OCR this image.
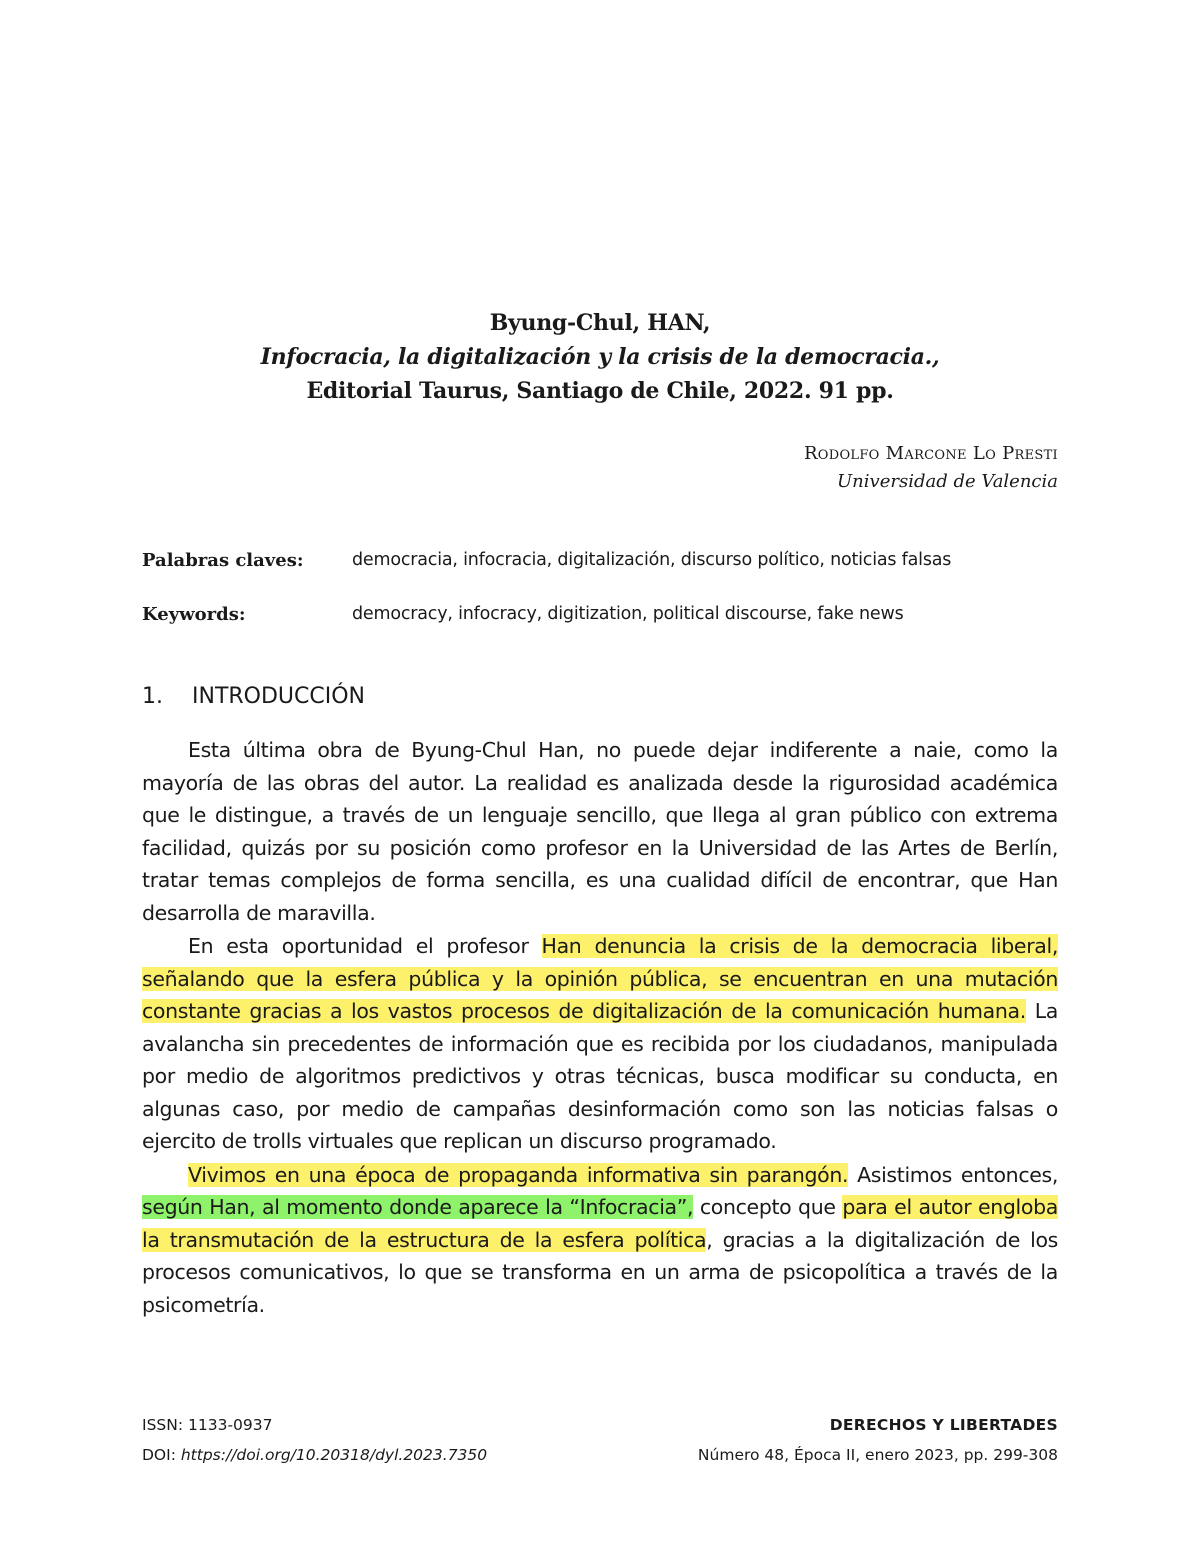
Byung-Chul, HAN,
Infocracia, la digitalización y la crisis de la democracia.,
Editorial Taurus, Santiago de Chile, 2022. 91 pp.
Rodolfo Marcone Lo Presti
Universidad de Valencia
Palabras claves:	democracia, infocracia, digitalización, discurso político, noticias falsas
Keywords:	democracy, infocracy, digitization, political discourse, fake news
1. INTRODUCCIÓN

Esta última obra de Byung-Chul Han, no puede dejar indiferente a naie, como la mayoría de las obras del autor. La realidad es analizada desde la rigurosidad académica que le distingue, a través de un lenguaje sencillo, que llega al gran público con extrema facilidad, quizás por su posición como profesor en la Universidad de las Artes de Berlín, tratar temas complejos de forma sencilla, es una cualidad difícil de encontrar, que Han desarrolla de maravilla.

En esta oportunidad el profesor Han denuncia la crisis de la democracia liberal, señalando que la esfera pública y la opinión pública, se encuentran en una mutación constante gracias a los vastos procesos de digitalización de la comunicación humana. La avalancha sin precedentes de información que es recibida por los ciudadanos, manipulada por medio de algoritmos predictivos y otras técnicas, busca modificar su conducta, en algunas caso, por medio de campañas desinformación como son las noticias falsas o ejercito de trolls virtuales que replican un discurso programado.

Vivimos en una época de propaganda informativa sin parangón. Asistimos entonces, según Han, al momento donde aparece la “Infocracia”, concepto que para el autor engloba la transmutación de la estructura de la esfera política, gracias a la digitalización de los procesos comunicativos, lo que se transforma en un arma de psicopolítica a través de la psicometría.

ISSN: 1133-0937	DERECHOS Y LIBERTADES
DOI: https://doi.org/10.20318/dyl.2023.7350	Número 48, Época II, enero 2023, pp. 299-308
